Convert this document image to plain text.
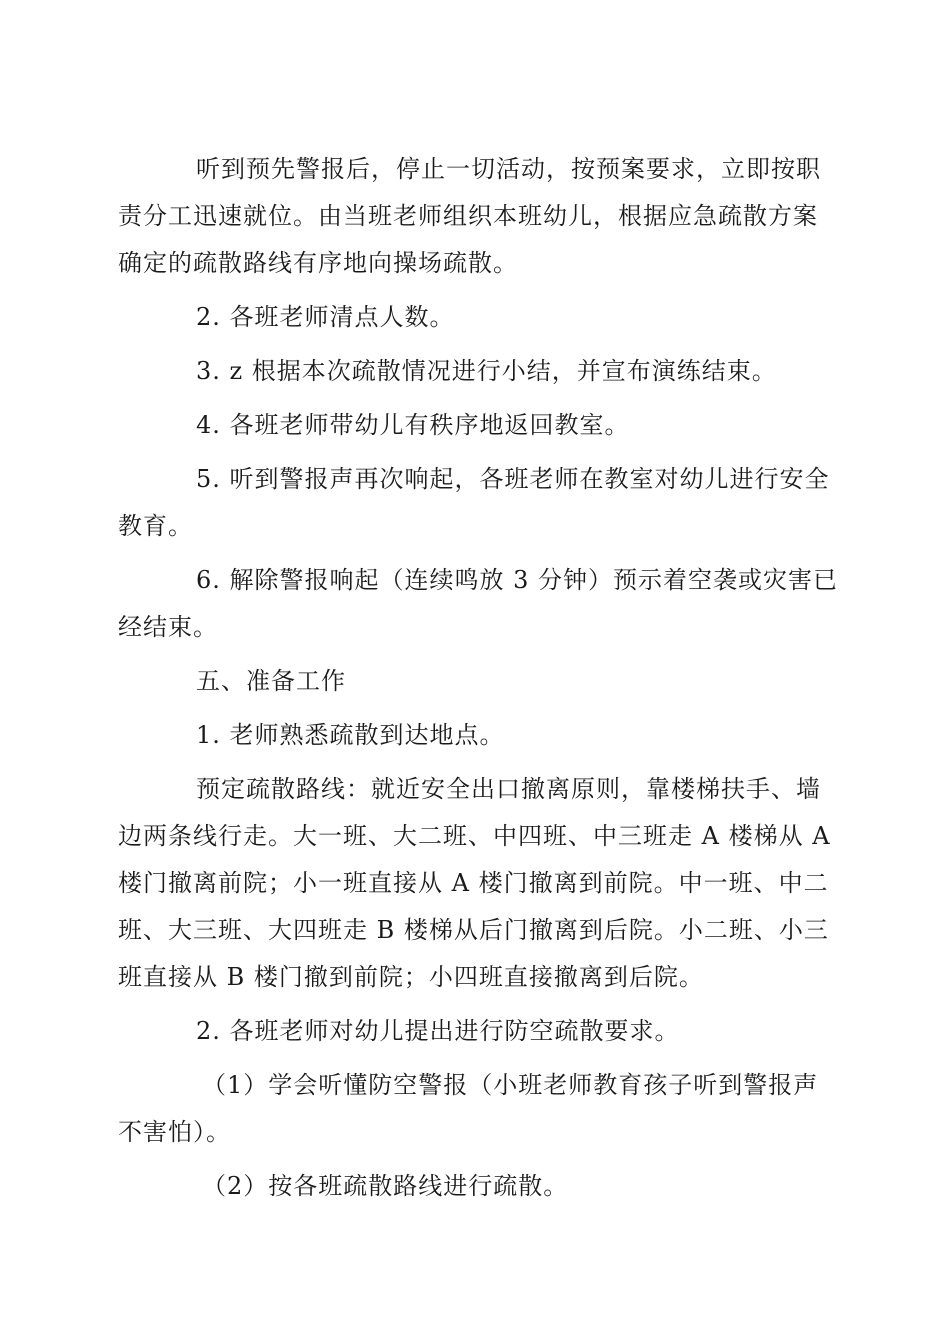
听到预先警报后，停止一切活动，按预案要求，立即按职
责分工迅速就位。由当班老师组织本班幼儿，根据应急疏散方案
确定的疏散路线有序地向操场疏散。

2. 各班老师清点人数。

3. z 根据本次疏散情况进行小结，并宣布演练结束。

4. 各班老师带幼儿有秩序地返回教室。

5. 听到警报声再次响起，各班老师在教室对幼儿进行安全
教育。

6. 解除警报响起（连续鸣放 3 分钟）预示着空袭或灾害已
经结束。

五、准备工作

1. 老师熟悉疏散到达地点。

预定疏散路线：就近安全出口撤离原则，靠楼梯扶手、墙
边两条线行走。大一班、大二班、中四班、中三班走 A 楼梯从 A
楼门撤离前院；小一班直接从 A 楼门撤离到前院。中一班、中二
班、大三班、大四班走 B 楼梯从后门撤离到后院。小二班、小三
班直接从 B 楼门撤到前院；小四班直接撤离到后院。

2. 各班老师对幼儿提出进行防空疏散要求。

（1）学会听懂防空警报（小班老师教育孩子听到警报声
不害怕）。

（2）按各班疏散路线进行疏散。
